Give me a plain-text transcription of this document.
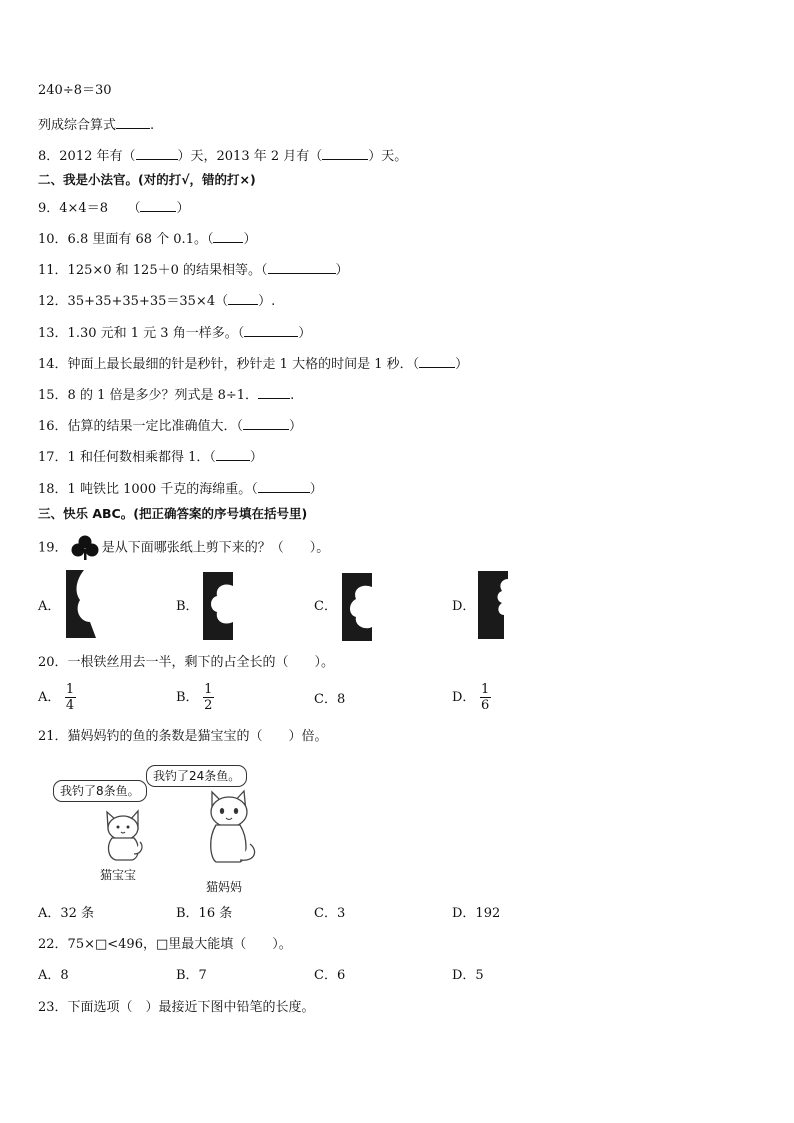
240÷8＝30
列成综合算式	.
8．2012 年有（	）天，2013 年 2 月有（	）天。
二、我是小法官。(对的打√，错的打×)
9．4×4＝8　　（	）
10．6.8 里面有 68 个 0.1。（ ）
11．125×0 和 125＋0 的结果相等。（	）
12．35+35+35+35＝35×4（ ）.
13．1.30 元和 1 元 3 角一样多。（	）
14．钟面上最长最细的针是秒针，秒针走 1 大格的时间是 1 秒．（	）
15．8 的 1 倍是多少？列式是 8÷1． .
16．估算的结果一定比准确值大．（	）
17．1 和任何数相乘都得 1．（	）
18．1 吨铁比 1000 千克的海绵重。（	）
三、快乐 ABC。(把正确答案的序号填在括号里)
19．	是从下面哪张纸上剪下来的？（　　）。
A．	B．	C．	D．
20．一根铁丝用去一半，剩下的占全长的（　　）。
A． $\frac{1}{4}$	B． $\frac{1}{2}$	C．8	D． $\frac{1}{6}$
21．猫妈妈钓的鱼的条数是猫宝宝的（　　）倍。
我钓了8条鱼。
我钓了24条鱼。
猫宝宝
猫妈妈
A．32 条	B．16 条	C．3	D．192
22．75×□<496，□里最大能填（　　）。
A．8	B．7	C．6	D．5
23．下面选项（　）最接近下图中铅笔的长度。
